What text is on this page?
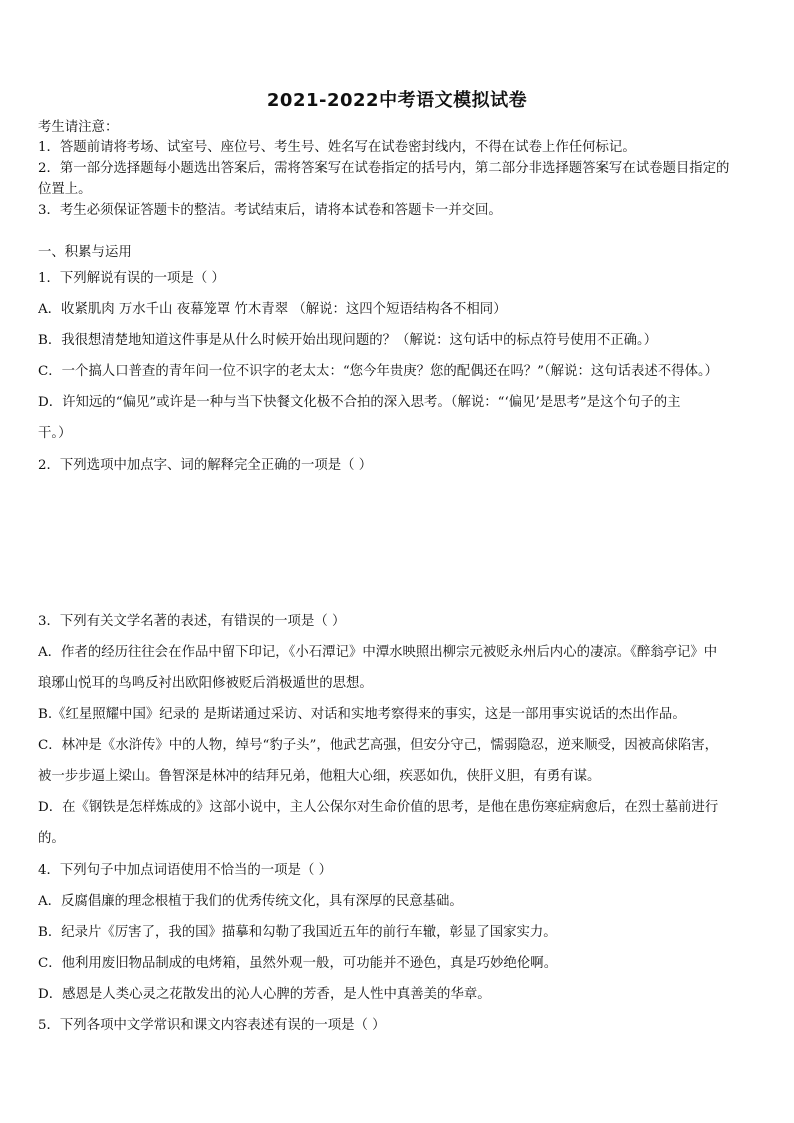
2021-2022中考语文模拟试卷
考生请注意：
1．答题前请将考场、试室号、座位号、考生号、姓名写在试卷密封线内，不得在试卷上作任何标记。
2．第一部分选择题每小题选出答案后，需将答案写在试卷指定的括号内，第二部分非选择题答案写在试卷题目指定的
位置上。
3．考生必须保证答题卡的整洁。考试结束后，请将本试卷和答题卡一并交回。
一、积累与运用
1．下列解说有误的一项是（ ）
A．收紧肌肉 万水千山 夜幕笼罩 竹木青翠 （解说：这四个短语结构各不相同）
B．我很想清楚地知道这件事是从什么时候开始出现问题的？（解说：这句话中的标点符号使用不正确。）
C．一个搞人口普查的青年问一位不识字的老太太：“您今年贵庚？您的配偶还在吗？”（解说：这句话表述不得体。）
D．许知远的“偏见”或许是一种与当下快餐文化极不合拍的深入思考。（解说：“‘偏见’是思考”是这个句子的主
干。）
2．下列选项中加点字、词的解释完全正确的一项是（ ）
3．下列有关文学名著的表述，有错误的一项是（ ）
A．作者的经历往往会在作品中留下印记，《小石潭记》中潭水映照出柳宗元被贬永州后内心的凄凉。《醉翁亭记》中
琅琊山悦耳的鸟鸣反衬出欧阳修被贬后消极遁世的思想。
B.《红星照耀中国》纪录的 是斯诺通过采访、对话和实地考察得来的事实，这是一部用事实说话的杰出作品。
C．林冲是《水浒传》中的人物，绰号“豹子头”，他武艺高强，但安分守己，懦弱隐忍，逆来顺受，因被高俅陷害，
被一步步逼上梁山。鲁智深是林冲的结拜兄弟，他粗大心细，疾恶如仇，侠肝义胆，有勇有谋。
D．在《钢铁是怎样炼成的》这部小说中，主人公保尔对生命价值的思考，是他在患伤寒症病愈后，在烈士墓前进行
的。
4．下列句子中加点词语使用不恰当的一项是（ ）
A．反腐倡廉的理念根植于我们的优秀传统文化，具有深厚的民意基础。
B．纪录片《厉害了，我的国》描摹和勾勒了我国近五年的前行车辙，彰显了国家实力。
C．他利用废旧物品制成的电烤箱，虽然外观一般，可功能并不逊色，真是巧妙绝伦啊。
D．感恩是人类心灵之花散发出的沁人心脾的芳香，是人性中真善美的华章。
5．下列各项中文学常识和课文内容表述有误的一项是（ ）
